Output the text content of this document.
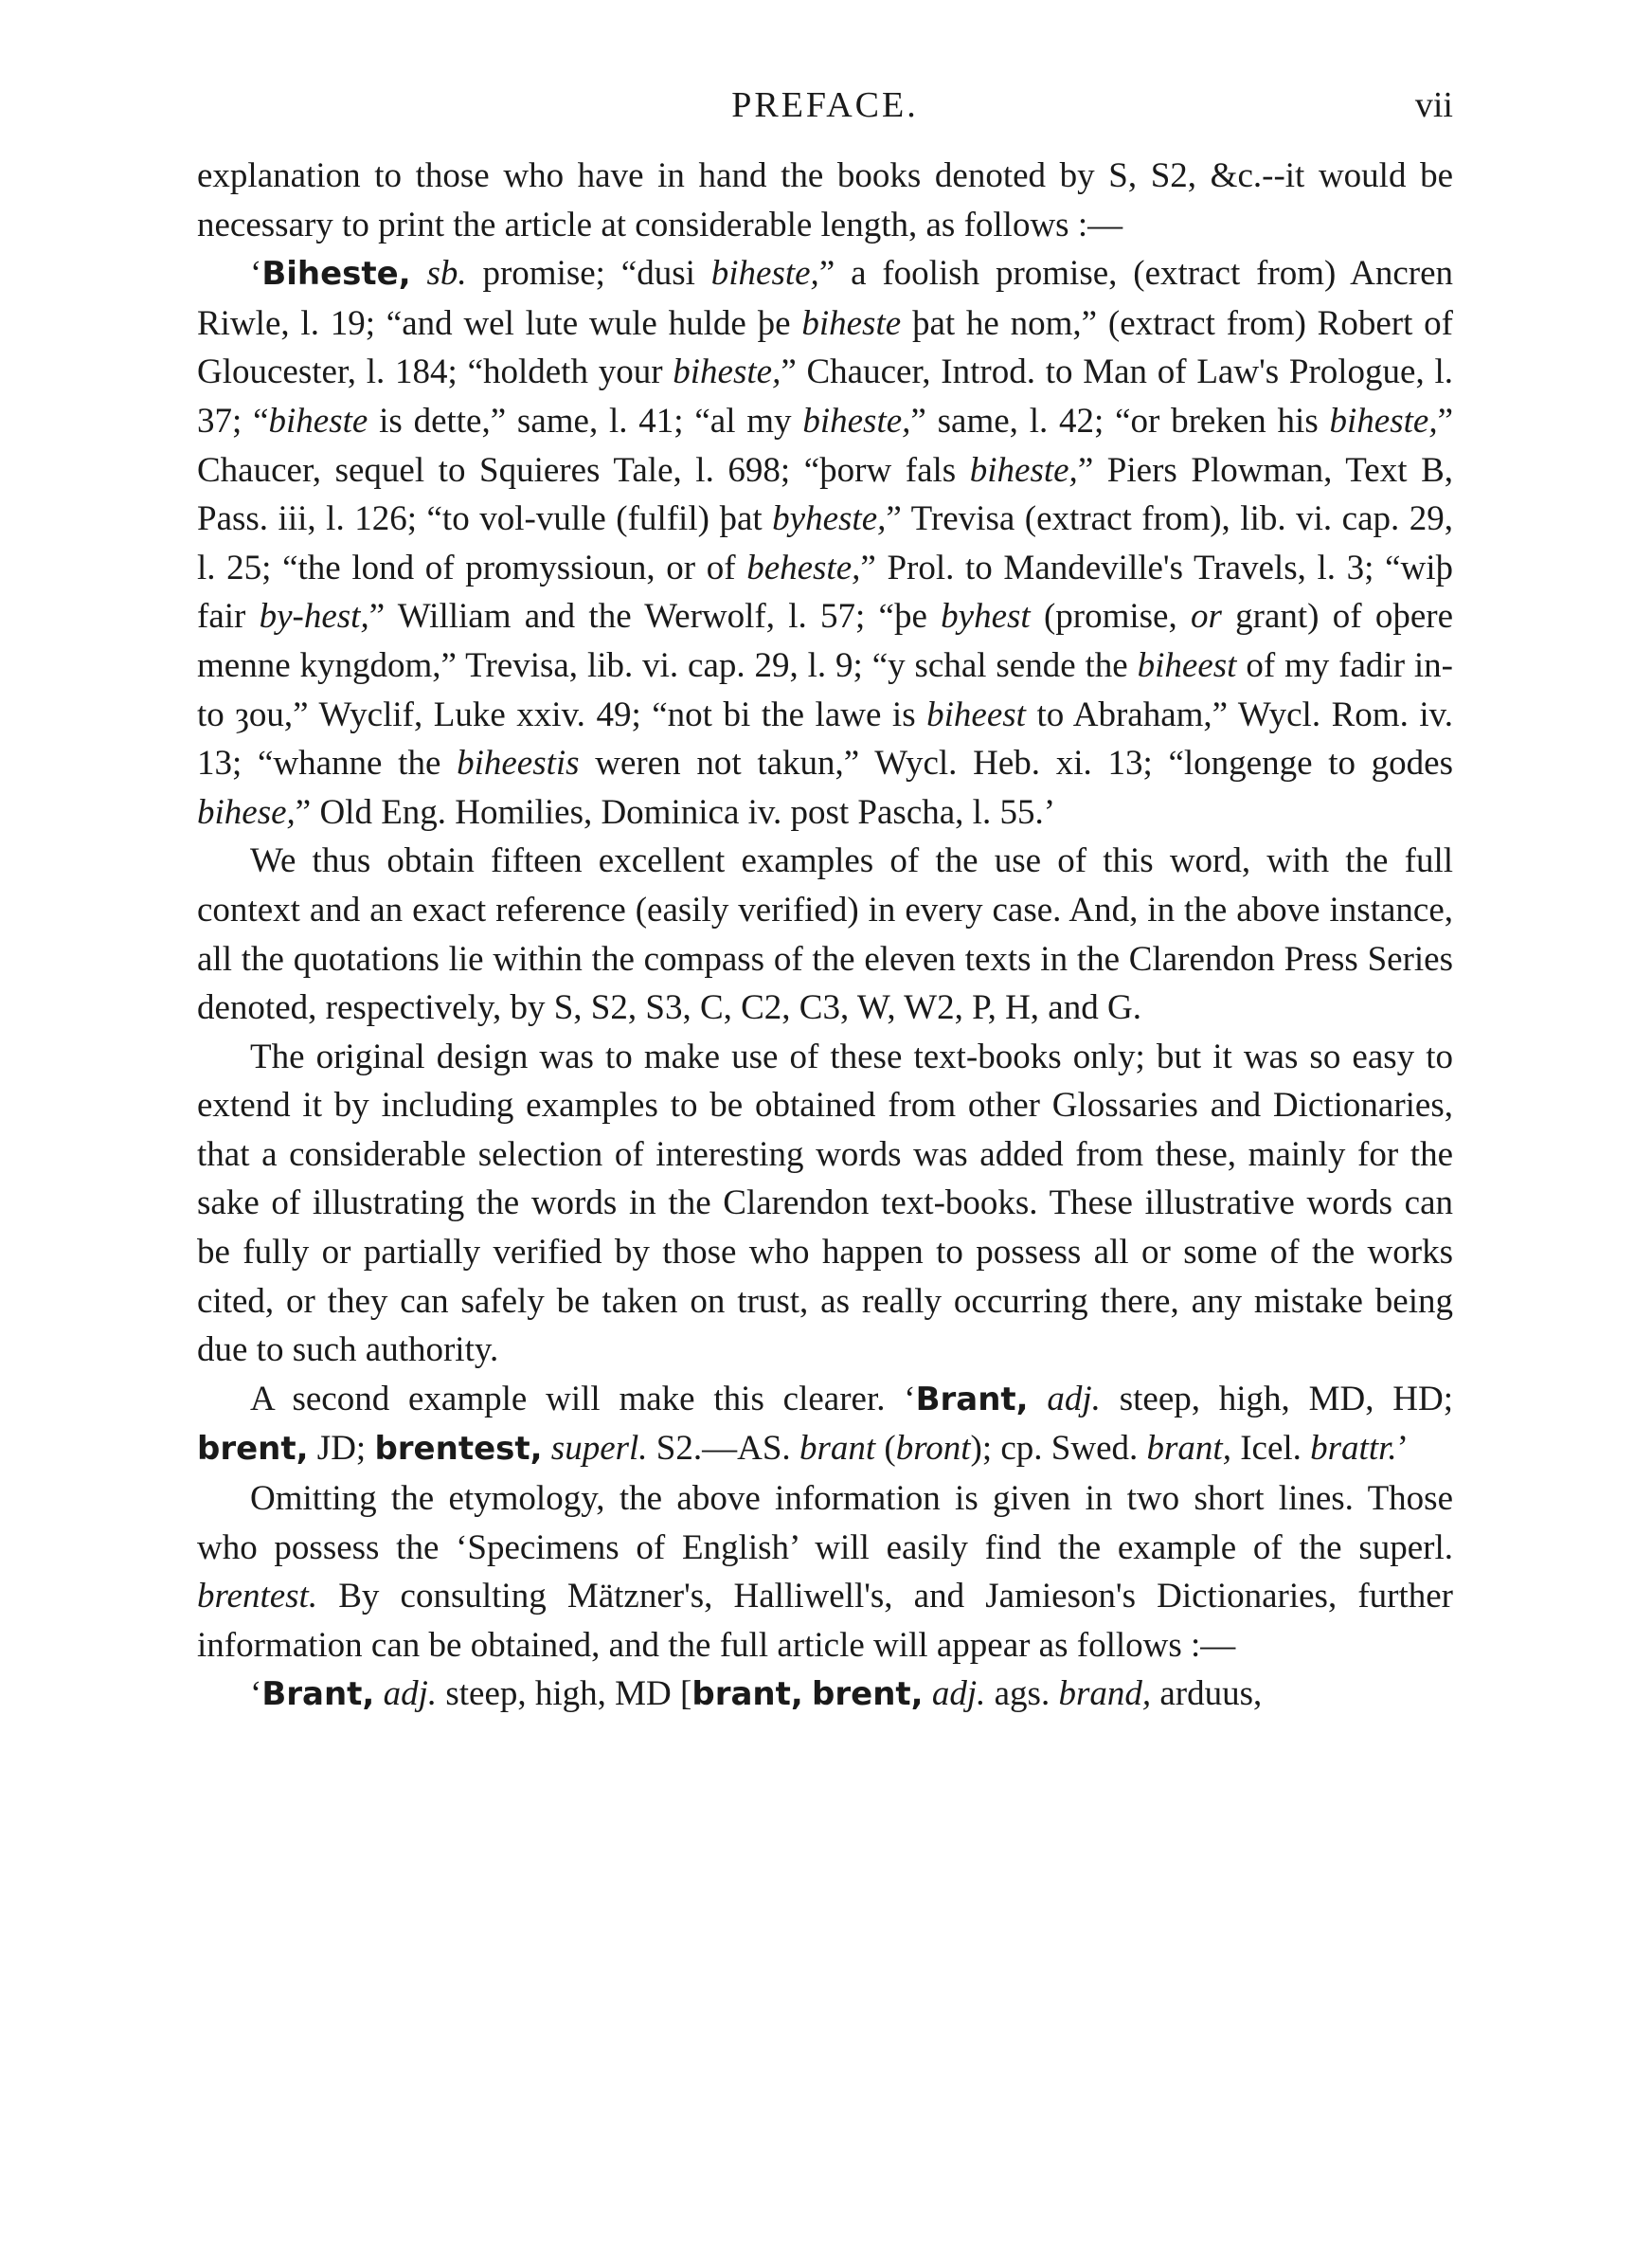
PREFACE.	vii

explanation to those who have in hand the books denoted by S, S2, &c.--it would be necessary to print the article at considerable length, as follows :—

‘Biheste, sb. promise; “dusi biheste,” a foolish promise, (extract from) Ancren Riwle, l. 19; “and wel lute wule hulde þe biheste þat he nom,” (extract from) Robert of Gloucester, l. 184; “holdeth your biheste,” Chaucer, Introd. to Man of Law's Prologue, l. 37; “biheste is dette,” same, l. 41; “al my biheste,” same, l. 42; “or breken his biheste,” Chaucer, sequel to Squieres Tale, l. 698; “þorw fals biheste,” Piers Plowman, Text B, Pass. iii, l. 126; “to vol-vulle (fulfil) þat byheste,” Trevisa (extract from), lib. vi. cap. 29, l. 25; “the lond of promyssioun, or of beheste,” Prol. to Mandeville's Travels, l. 3; “wiþ fair by-hest,” William and the Werwolf, l. 57; “þe byhest (promise, or grant) of oþere menne kyngdom,” Trevisa, lib. vi. cap. 29, l. 9; “y schal sende the biheest of my fadir in-to ȝou,” Wyclif, Luke xxiv. 49; “not bi the lawe is biheest to Abraham,” Wycl. Rom. iv. 13; “whanne the biheestis weren not takun,” Wycl. Heb. xi. 13; “longenge to godes bihese,” Old Eng. Homilies, Dominica iv. post Pascha, l. 55.’

We thus obtain fifteen excellent examples of the use of this word, with the full context and an exact reference (easily verified) in every case. And, in the above instance, all the quotations lie within the compass of the eleven texts in the Clarendon Press Series denoted, respectively, by S, S2, S3, C, C2, C3, W, W2, P, H, and G.

The original design was to make use of these text-books only; but it was so easy to extend it by including examples to be obtained from other Glossaries and Dictionaries, that a considerable selection of interesting words was added from these, mainly for the sake of illustrating the words in the Clarendon text-books. These illustrative words can be fully or partially verified by those who happen to possess all or some of the works cited, or they can safely be taken on trust, as really occurring there, any mistake being due to such authority.

A second example will make this clearer. ‘Brant, adj. steep, high, MD, HD; brent, JD; brentest, superl. S2.—AS. brant (bront); cp. Swed. brant, Icel. brattr.’

Omitting the etymology, the above information is given in two short lines. Those who possess the ‘Specimens of English’ will easily find the example of the superl. brentest. By consulting Mätzner's, Halliwell's, and Jamieson's Dictionaries, further information can be obtained, and the full article will appear as follows :—

‘Brant, adj. steep, high, MD [brant, brent, adj. ags. brand, arduus,
